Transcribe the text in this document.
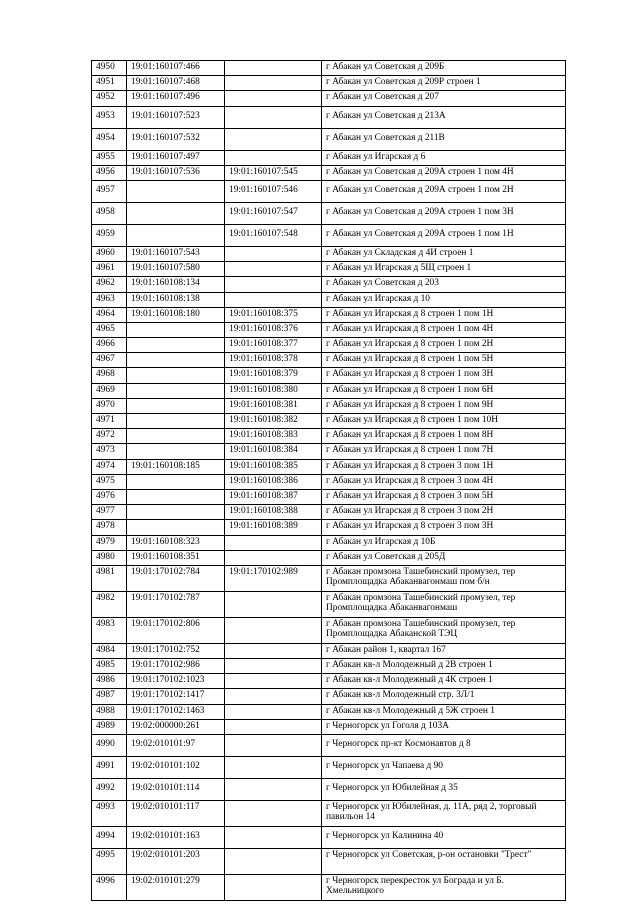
4950	19:01:160107:466		г Абакан ул Советская д 209Б
4951	19:01:160107:468		г Абакан ул Советская д 209Р строен 1
4952	19:01:160107:496		г Абакан ул Советская д 207
4953	19:01:160107:523		г Абакан ул Советская д 213А
4954	19:01:160107:532		г Абакан ул Советская д 211В
4955	19:01:160107:497		г Абакан ул Игарская д 6
4956	19:01:160107:536	19:01:160107:545	г Абакан ул Советская д 209А строен 1 пом 4Н
4957		19:01:160107:546	г Абакан ул Советская д 209А строен 1 пом 2Н
4958		19:01:160107:547	г Абакан ул Советская д 209А строен 1 пом 3Н
4959		19:01:160107:548	г Абакан ул Советская д 209А строен 1 пом 1Н
4960	19:01:160107:543		г Абакан ул Складская д 4И строен 1
4961	19:01:160107:580		г Абакан ул Игарская д 5Щ строен 1
4962	19:01:160108:134		г Абакан ул Советская д 203
4963	19:01:160108:138		г Абакан ул Игарская д 10
4964	19:01:160108:180	19:01:160108:375	г Абакан ул Игарская д 8 строен 1 пом 1Н
4965		19:01:160108:376	г Абакан ул Игарская д 8 строен 1 пом 4Н
4966		19:01:160108:377	г Абакан ул Игарская д 8 строен 1 пом 2Н
4967		19:01:160108:378	г Абакан ул Игарская д 8 строен 1 пом 5Н
4968		19:01:160108:379	г Абакан ул Игарская д 8 строен 1 пом 3Н
4969		19:01:160108:380	г Абакан ул Игарская д 8 строен 1 пом 6Н
4970		19:01:160108:381	г Абакан ул Игарская д 8 строен 1 пом 9Н
4971		19:01:160108:382	г Абакан ул Игарская д 8 строен 1 пом 10Н
4972		19:01:160108:383	г Абакан ул Игарская д 8 строен 1 пом 8Н
4973		19:01:160108:384	г Абакан ул Игарская д 8 строен 1 пом 7Н
4974	19:01:160108:185	19:01:160108:385	г Абакан ул Игарская д 8 строен 3 пом 1Н
4975		19:01:160108:386	г Абакан ул Игарская д 8 строен 3 пом 4Н
4976		19:01:160108:387	г Абакан ул Игарская д 8 строен 3 пом 5Н
4977		19:01:160108:388	г Абакан ул Игарская д 8 строен 3 пом 2Н
4978		19:01:160108:389	г Абакан ул Игарская д 8 строен 3 пом 3Н
4979	19:01:160108:323		г Абакан ул Игарская д 10Б
4980	19:01:160108:351		г Абакан ул Советская д 205Д
4981	19:01:170102:784	19:01:170102:989	г Абакан промзона Ташебинский промузел, тер Промплощадка Абаканвагонмаш пом б/н
4982	19:01:170102:787		г Абакан промзона Ташебинский промузел, тер Промплощадка Абаканвагонмаш
4983	19:01:170102:806		г Абакан промзона Ташебинский промузел, тер Промплощадка Абаканской ТЭЦ
4984	19:01:170102:752		г Абакан район 1, квартал 167
4985	19:01:170102:986		г Абакан кв-л Молодежный д 2В строен 1
4986	19:01:170102:1023		г Абакан кв-л Молодежный д 4К строен 1
4987	19:01:170102:1417		г Абакан кв-л Молодежный стр. 3Л/1
4988	19:01:170102:1463		г Абакан кв-л Молодежный д 5Ж строен 1
4989	19:02:000000:261		г Черногорск ул Гоголя д 103А
4990	19:02:010101:97		г Черногорск пр-кт Космонавтов д 8
4991	19:02:010101:102		г Черногорск ул Чапаева д 90
4992	19:02:010101:114		г Черногорск ул Юбилейная д 35
4993	19:02:010101:117		г Черногорск ул Юбилейная, д. 11А, ряд 2, торговый павильон 14
4994	19:02:010101:163		г Черногорск ул Калинина 40
4995	19:02:010101:203		г Черногорск ул Советская, р-он остановки "Трест"
4996	19:02:010101:279		г Черногорск перекресток ул Бограда и ул Б. Хмельницкого
